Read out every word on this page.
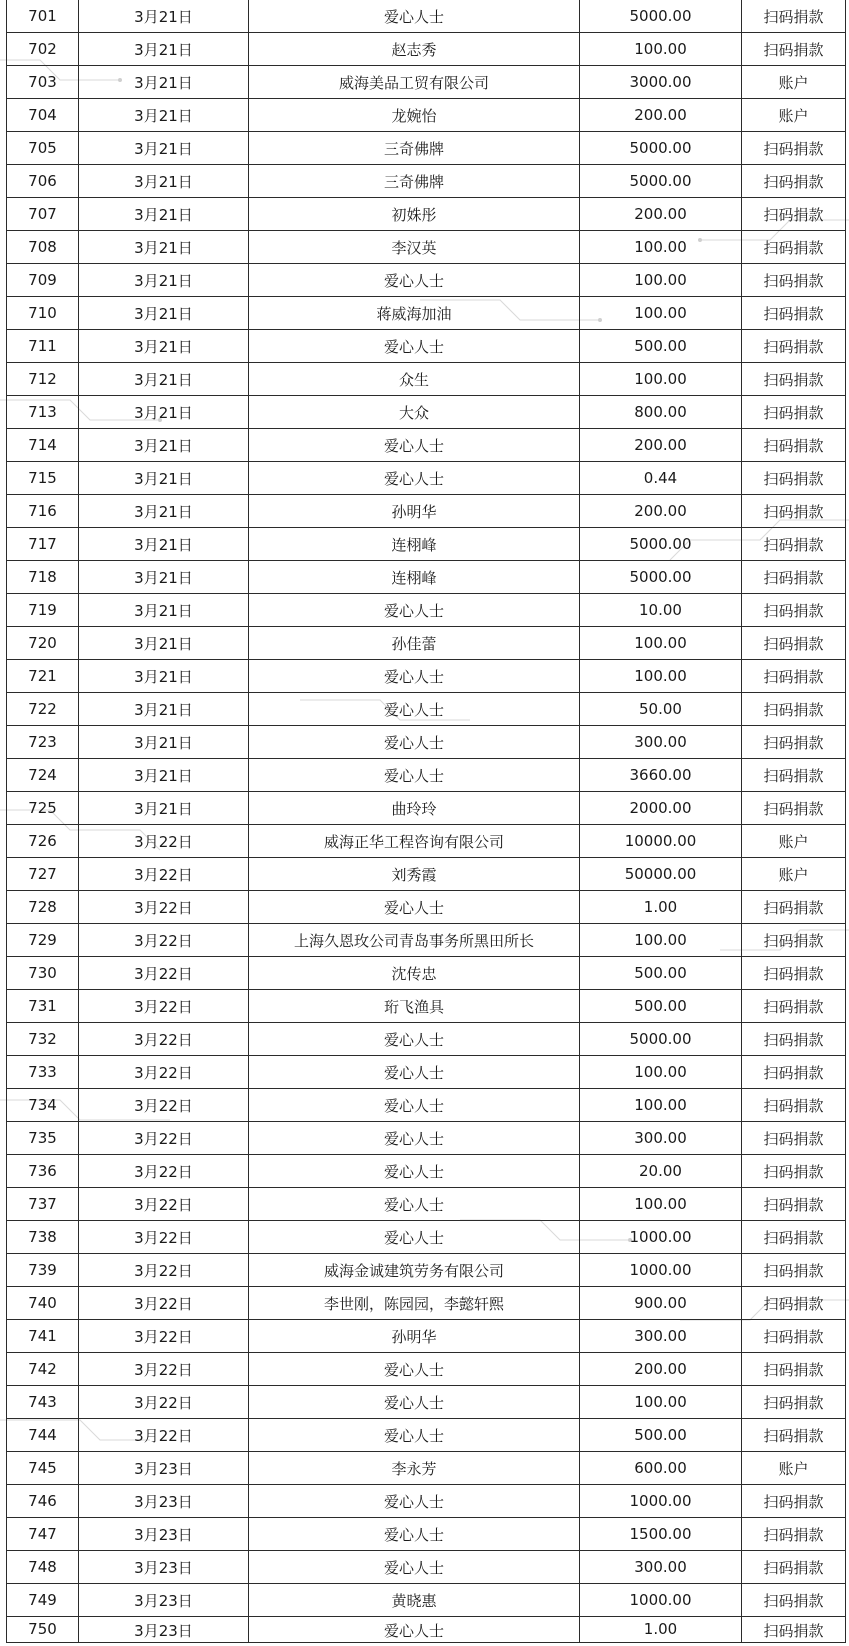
701	3月21日	爱心人士	5000.00	扫码捐款
702	3月21日	赵志秀	100.00	扫码捐款
703	3月21日	威海美品工贸有限公司	3000.00	账户
704	3月21日	龙婉怡	200.00	账户
705	3月21日	三奇佛牌	5000.00	扫码捐款
706	3月21日	三奇佛牌	5000.00	扫码捐款
707	3月21日	初姝彤	200.00	扫码捐款
708	3月21日	李汉英	100.00	扫码捐款
709	3月21日	爱心人士	100.00	扫码捐款
710	3月21日	蒋威海加油	100.00	扫码捐款
711	3月21日	爱心人士	500.00	扫码捐款
712	3月21日	众生	100.00	扫码捐款
713	3月21日	大众	800.00	扫码捐款
714	3月21日	爱心人士	200.00	扫码捐款
715	3月21日	爱心人士	0.44	扫码捐款
716	3月21日	孙明华	200.00	扫码捐款
717	3月21日	连栩峰	5000.00	扫码捐款
718	3月21日	连栩峰	5000.00	扫码捐款
719	3月21日	爱心人士	10.00	扫码捐款
720	3月21日	孙佳蕾	100.00	扫码捐款
721	3月21日	爱心人士	100.00	扫码捐款
722	3月21日	爱心人士	50.00	扫码捐款
723	3月21日	爱心人士	300.00	扫码捐款
724	3月21日	爱心人士	3660.00	扫码捐款
725	3月21日	曲玲玲	2000.00	扫码捐款
726	3月22日	威海正华工程咨询有限公司	10000.00	账户
727	3月22日	刘秀霞	50000.00	账户
728	3月22日	爱心人士	1.00	扫码捐款
729	3月22日	上海久恩玫公司青岛事务所黑田所长	100.00	扫码捐款
730	3月22日	沈传忠	500.00	扫码捐款
731	3月22日	珩飞渔具	500.00	扫码捐款
732	3月22日	爱心人士	5000.00	扫码捐款
733	3月22日	爱心人士	100.00	扫码捐款
734	3月22日	爱心人士	100.00	扫码捐款
735	3月22日	爱心人士	300.00	扫码捐款
736	3月22日	爱心人士	20.00	扫码捐款
737	3月22日	爱心人士	100.00	扫码捐款
738	3月22日	爱心人士	1000.00	扫码捐款
739	3月22日	威海金诚建筑劳务有限公司	1000.00	扫码捐款
740	3月22日	李世刚，陈园园，李懿轩熙	900.00	扫码捐款
741	3月22日	孙明华	300.00	扫码捐款
742	3月22日	爱心人士	200.00	扫码捐款
743	3月22日	爱心人士	100.00	扫码捐款
744	3月22日	爱心人士	500.00	扫码捐款
745	3月23日	李永芳	600.00	账户
746	3月23日	爱心人士	1000.00	扫码捐款
747	3月23日	爱心人士	1500.00	扫码捐款
748	3月23日	爱心人士	300.00	扫码捐款
749	3月23日	黄晓惠	1000.00	扫码捐款
750	3月23日	爱心人士	1.00	扫码捐款
